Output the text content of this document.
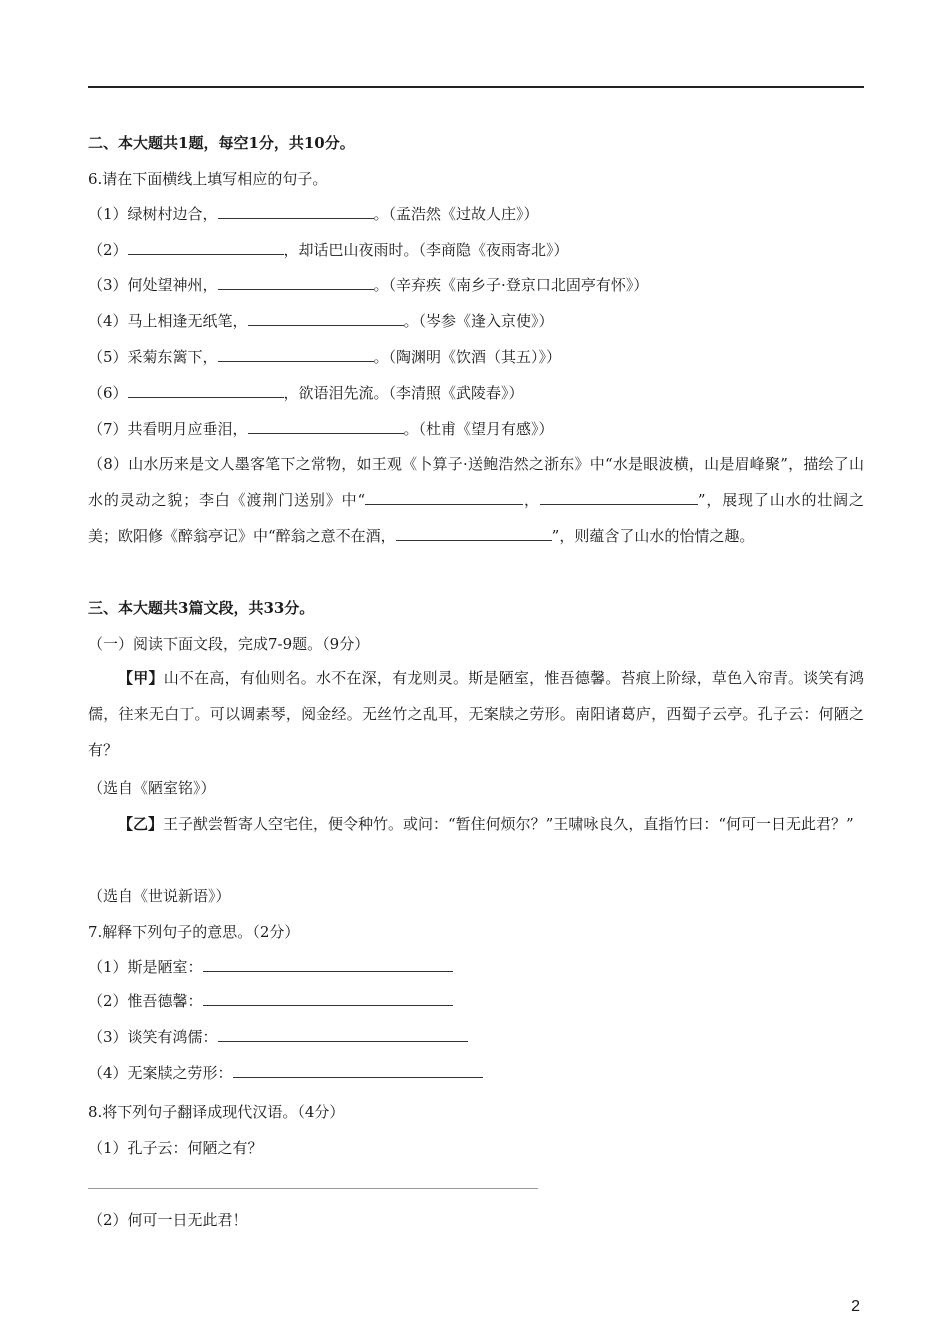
二、本大题共1题，每空1分，共10分。
6.请在下面横线上填写相应的句子。
（1）绿树村边合，	。（孟浩然《过故人庄》）
（2）	，却话巴山夜雨时。（李商隐《夜雨寄北》）
（3）何处望神州，	。（辛弃疾《南乡子·登京口北固亭有怀》）
（4）马上相逢无纸笔，	。（岑参《逢入京使》）
（5）采菊东篱下，	。（陶渊明《饮酒（其五）》）
（6）	，欲语泪先流。（李清照《武陵春》）
（7）共看明月应垂泪，	。（杜甫《望月有感》）
（8）山水历来是文人墨客笔下之常物，如王观《卜算子·送鲍浩然之浙东》中“水是眼波横，山是眉峰聚”，描绘了山水的灵动之貌；李白《渡荆门送别》中“	，	”，展现了山水的壮阔之美；欧阳修《醉翁亭记》中“醉翁之意不在酒，	”，则蕴含了山水的怡情之趣。
三、本大题共3篇文段，共33分。
（一）阅读下面文段，完成7-9题。（9分）
【甲】山不在高，有仙则名。水不在深，有龙则灵。斯是陋室，惟吾德馨。苔痕上阶绿，草色入帘青。谈笑有鸿儒，往来无白丁。可以调素琴，阅金经。无丝竹之乱耳，无案牍之劳形。南阳诸葛庐，西蜀子云亭。孔子云：何陋之有？
（选自《陋室铭》）
【乙】王子猷尝暂寄人空宅住，便令种竹。或问：“暂住何烦尔？”王啸咏良久，直指竹曰：“何可一日无此君？”
（选自《世说新语》）
7.解释下列句子的意思。（2分）
（1）斯是陋室：
（2）惟吾德馨：
（3）谈笑有鸿儒：
（4）无案牍之劳形：
8.将下列句子翻译成现代汉语。（4分）
（1）孔子云：何陋之有？
（2）何可一日无此君！
2
